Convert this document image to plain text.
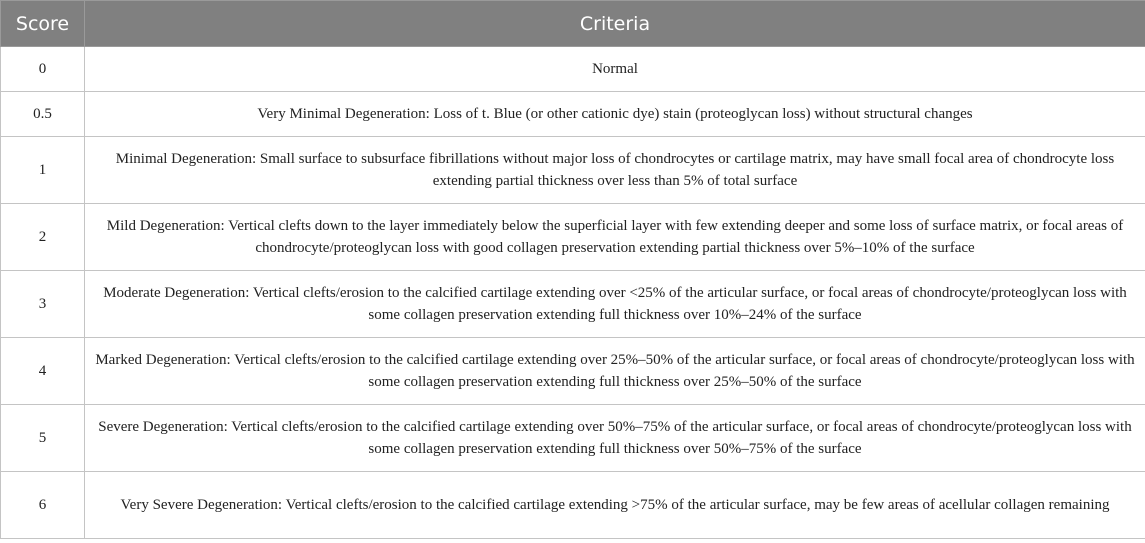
Score	Criteria
0	Normal
0.5	Very Minimal Degeneration: Loss of t. Blue (or other cationic dye) stain (proteoglycan loss) without structural changes
1	Minimal Degeneration: Small surface to subsurface fibrillations without major loss of chondrocytes or cartilage matrix, may have small focal area of chondrocyte loss extending partial thickness over less than 5% of total surface
2	Mild Degeneration: Vertical clefts down to the layer immediately below the superficial layer with few extending deeper and some loss of surface matrix, or focal areas of chondrocyte/proteoglycan loss with good collagen preservation extending partial thickness over 5%–10% of the surface
3	Moderate Degeneration: Vertical clefts/erosion to the calcified cartilage extending over <25% of the articular surface, or focal areas of chondrocyte/proteoglycan loss with some collagen preservation extending full thickness over 10%–24% of the surface
4	Marked Degeneration: Vertical clefts/erosion to the calcified cartilage extending over 25%–50% of the articular surface, or focal areas of chondrocyte/proteoglycan loss with some collagen preservation extending full thickness over 25%–50% of the surface
5	Severe Degeneration: Vertical clefts/erosion to the calcified cartilage extending over 50%–75% of the articular surface, or focal areas of chondrocyte/proteoglycan loss with some collagen preservation extending full thickness over 50%–75% of the surface
6	Very Severe Degeneration: Vertical clefts/erosion to the calcified cartilage extending >75% of the articular surface, may be few areas of acellular collagen remaining
